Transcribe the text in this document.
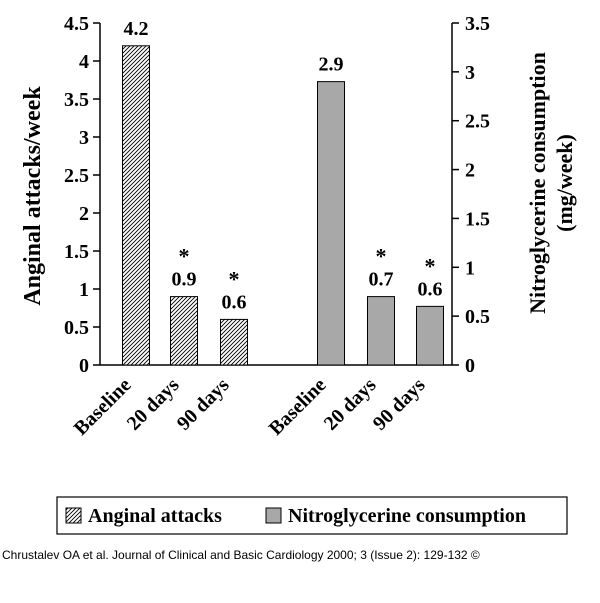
0
0.5
1
1.5
2
2.5
3
3.5
4
4.5
0
0.5
1
1.5
2
2.5
3
3.5
4.2
0.9
*
0.6
*
2.9
0.7
*
0.6
*
Baseline
20 days
90 days Baseline
20 days
90 days
Anginal attacks/week	Nitroglycerine consumption (mg/week)
Anginal attacks	Nitroglycerine consumption
Chrustalev OA et al. Journal of Clinical and Basic Cardiology 2000; 3 (Issue 2): 129-132 ©
